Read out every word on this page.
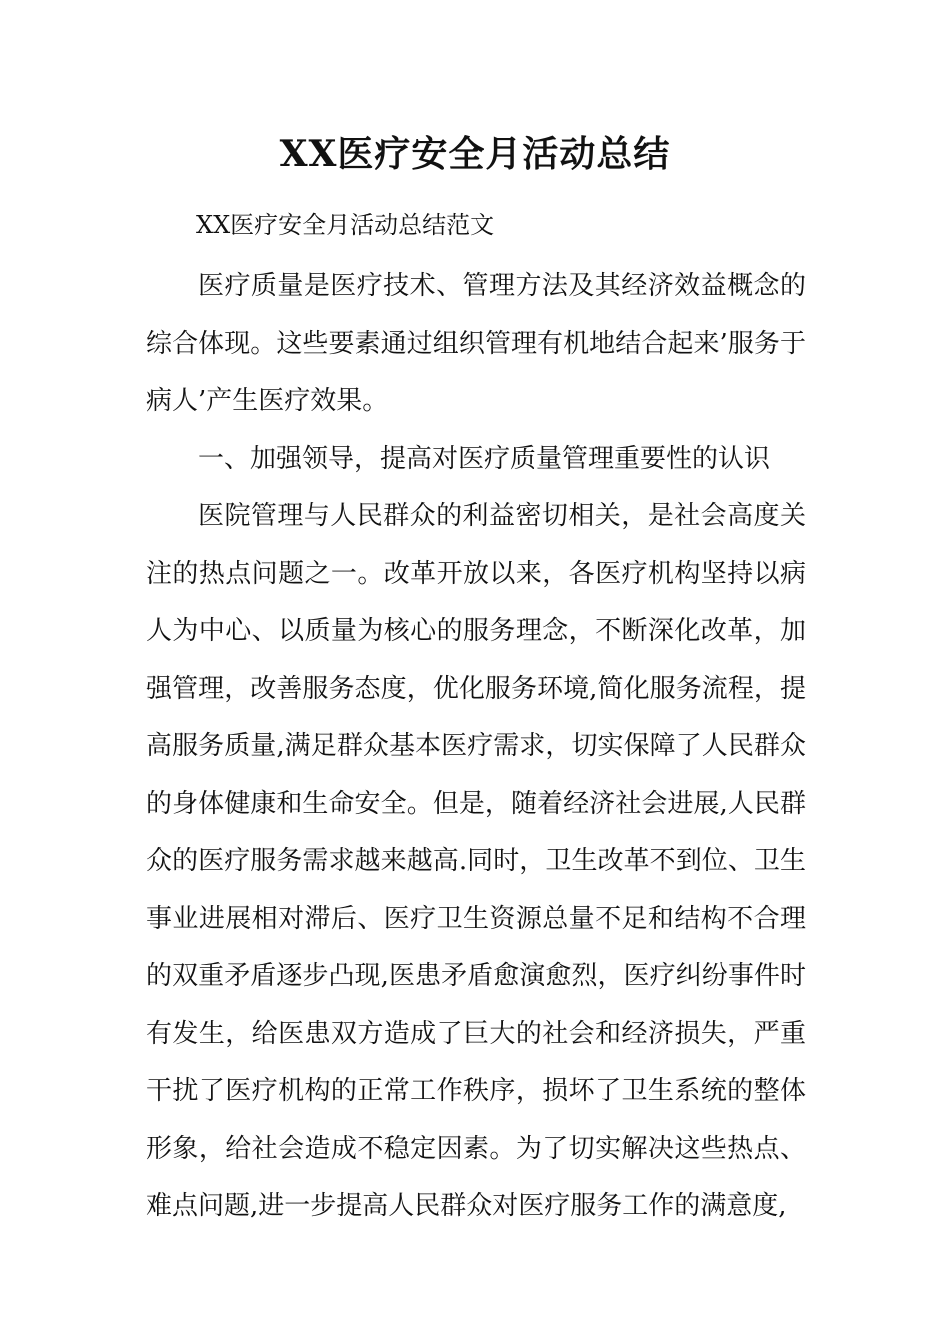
XX医疗安全月活动总结

XX医疗安全月活动总结范文

医疗质量是医疗技术、管理方法及其经济效益概念的综合体现。这些要素通过组织管理有机地结合起来’服务于病人’产生医疗效果。

一、加强领导，提高对医疗质量管理重要性的认识

医院管理与人民群众的利益密切相关，是社会高度关注的热点问题之一。改革开放以来，各医疗机构坚持以病人为中心、以质量为核心的服务理念，不断深化改革，加强管理，改善服务态度，优化服务环境,简化服务流程，提高服务质量,满足群众基本医疗需求，切实保障了人民群众的身体健康和生命安全。但是，随着经济社会进展,人民群众的医疗服务需求越来越高.同时，卫生改革不到位、卫生事业进展相对滞后、医疗卫生资源总量不足和结构不合理的双重矛盾逐步凸现,医患矛盾愈演愈烈，医疗纠纷事件时有发生，给医患双方造成了巨大的社会和经济损失，严重干扰了医疗机构的正常工作秩序，损坏了卫生系统的整体形象，给社会造成不稳定因素。为了切实解决这些热点、难点问题,进一步提高人民群众对医疗服务工作的满意度,
